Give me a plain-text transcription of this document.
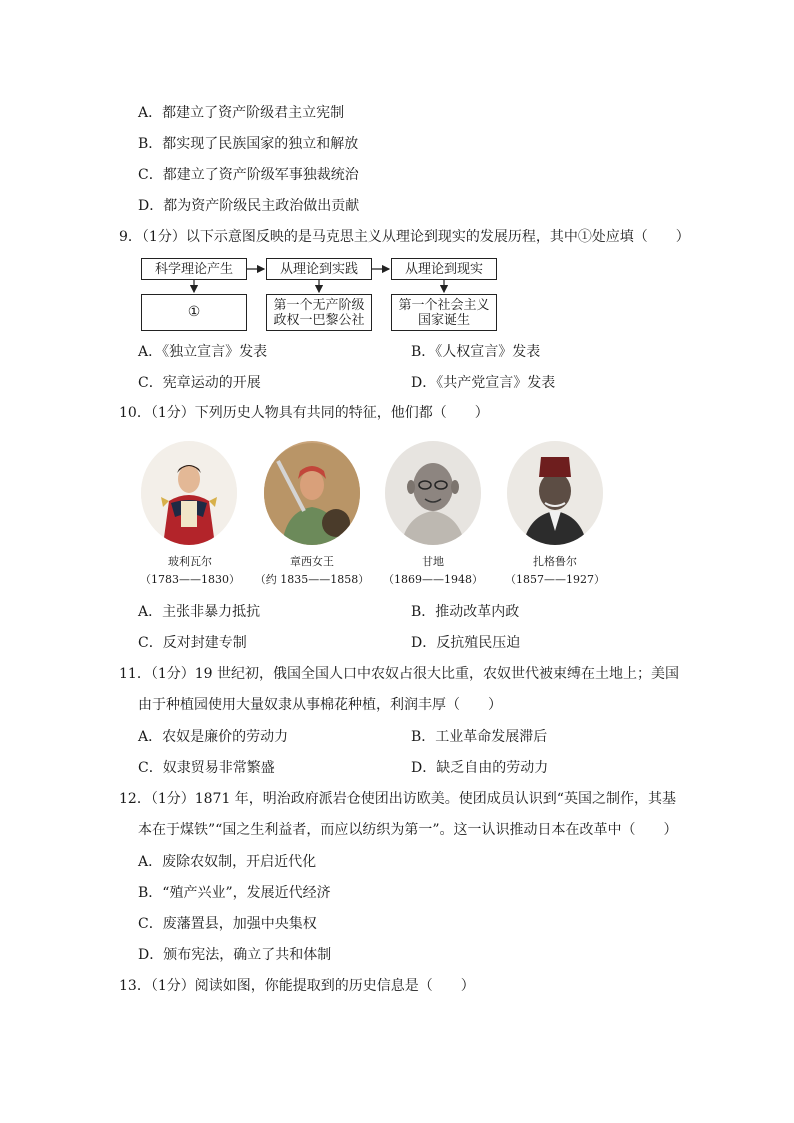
A．都建立了资产阶级君主立宪制
B．都实现了民族国家的独立和解放
C．都建立了资产阶级军事独裁统治
D．都为资产阶级民主政治做出贡献
9．（1分）以下示意图反映的是马克思主义从理论到现实的发展历程，其中①处应填（　　）
科学理论产生	从理论到实践	从理论到现实
①	第一个无产阶级
政权一巴黎公社
第一个社会主义
国家诞生
A．《独立宣言》发表	B．《人权宣言》发表
C．宪章运动的开展	D．《共产党宣言》发表
10．（1分）下列历史人物具有共同的特征，他们都（　　）
玻利瓦尔	章西女王	甘地	扎格鲁尔
（1783——1830）	（约 1835——1858）	（1869——1948）	（1857——1927）
A．主张非暴力抵抗	B．推动改革内政
C．反对封建专制	D．反抗殖民压迫
11．（1分）19 世纪初，俄国全国人口中农奴占很大比重，农奴世代被束缚在土地上；美国
由于种植园使用大量奴隶从事棉花种植，利润丰厚（　　）
A．农奴是廉价的劳动力	B．工业革命发展滞后
C．奴隶贸易非常繁盛	D．缺乏自由的劳动力
12．（1分）1871 年，明治政府派岩仓使团出访欧美。使团成员认识到“英国之制作，其基
本在于煤铁”“国之生利益者，而应以纺织为第一”。这一认识推动日本在改革中（　　）
A．废除农奴制，开启近代化
B．“殖产兴业”，发展近代经济
C．废藩置县，加强中央集权
D．颁布宪法，确立了共和体制
13．（1分）阅读如图，你能提取到的历史信息是（　　）
